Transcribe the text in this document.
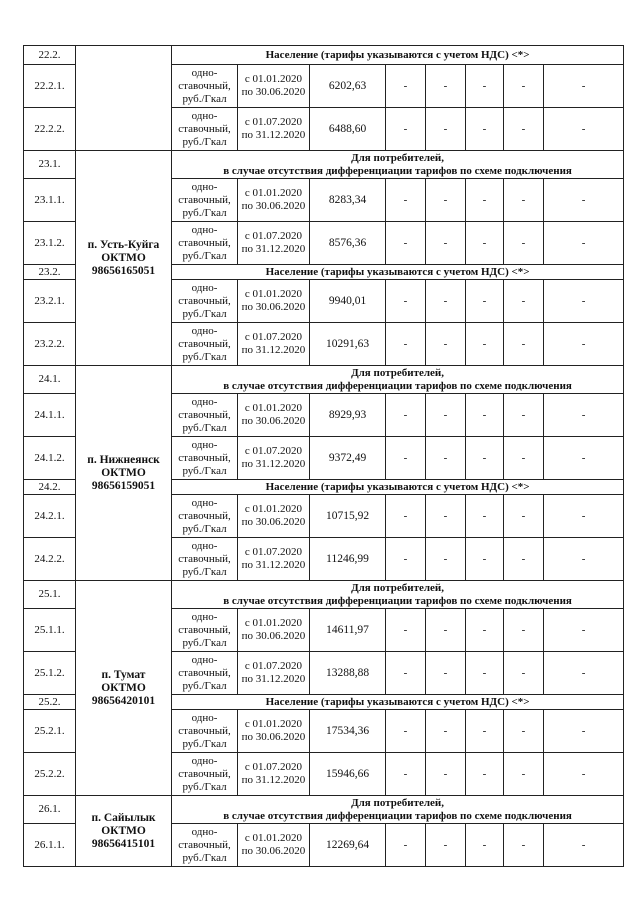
22.2.		Население (тарифы указываются с учетом НДС) <*>							
22.2.1.		одно-
ставочный,
руб./Гкал	с 01.01.2020
по 30.06.2020	6202,63	-	-	-	-	-
22.2.2.		одно-
ставочный,
руб./Гкал	с 01.07.2020
по 31.12.2020	6488,60	-	-	-	-	-
23.1.	п. Усть-Куйга
ОКТМО
98656165051	Для потребителей,
в случае отсутствия дифференциации тарифов по схеме подключения							
23.1.1.		одно-
ставочный,
руб./Гкал	с 01.01.2020
по 30.06.2020	8283,34	-	-	-	-	-
23.1.2.		одно-
ставочный,
руб./Гкал	с 01.07.2020
по 31.12.2020	8576,36	-	-	-	-	-
23.2.		Население (тарифы указываются с учетом НДС) <*>							
23.2.1.		одно-
ставочный,
руб./Гкал	с 01.01.2020
по 30.06.2020	9940,01	-	-	-	-	-
23.2.2.		одно-
ставочный,
руб./Гкал	с 01.07.2020
по 31.12.2020	10291,63	-	-	-	-	-
24.1.	п. Нижнеянск
ОКТМО
98656159051	Для потребителей,
в случае отсутствия дифференциации тарифов по схеме подключения							
24.1.1.		одно-
ставочный,
руб./Гкал	с 01.01.2020
по 30.06.2020	8929,93	-	-	-	-	-
24.1.2.		одно-
ставочный,
руб./Гкал	с 01.07.2020
по 31.12.2020	9372,49	-	-	-	-	-
24.2.		Население (тарифы указываются с учетом НДС) <*>							
24.2.1.		одно-
ставочный,
руб./Гкал	с 01.01.2020
по 30.06.2020	10715,92	-	-	-	-	-
24.2.2.		одно-
ставочный,
руб./Гкал	с 01.07.2020
по 31.12.2020	11246,99	-	-	-	-	-
25.1.	п. Тумат
ОКТМО
98656420101	Для потребителей,
в случае отсутствия дифференциации тарифов по схеме подключения							
25.1.1.		одно-
ставочный,
руб./Гкал	с 01.01.2020
по 30.06.2020	14611,97	-	-	-	-	-
25.1.2.		одно-
ставочный,
руб./Гкал	с 01.07.2020
по 31.12.2020	13288,88	-	-	-	-	-
25.2.		Население (тарифы указываются с учетом НДС) <*>							
25.2.1.		одно-
ставочный,
руб./Гкал	с 01.01.2020
по 30.06.2020	17534,36	-	-	-	-	-
25.2.2.		одно-
ставочный,
руб./Гкал	с 01.07.2020
по 31.12.2020	15946,66	-	-	-	-	-
26.1.	п. Сайылык
ОКТМО
98656415101	Для потребителей,
в случае отсутствия дифференциации тарифов по схеме подключения							
26.1.1.		одно-
ставочный,
руб./Гкал	с 01.01.2020
по 30.06.2020	12269,64	-	-	-	-	-
